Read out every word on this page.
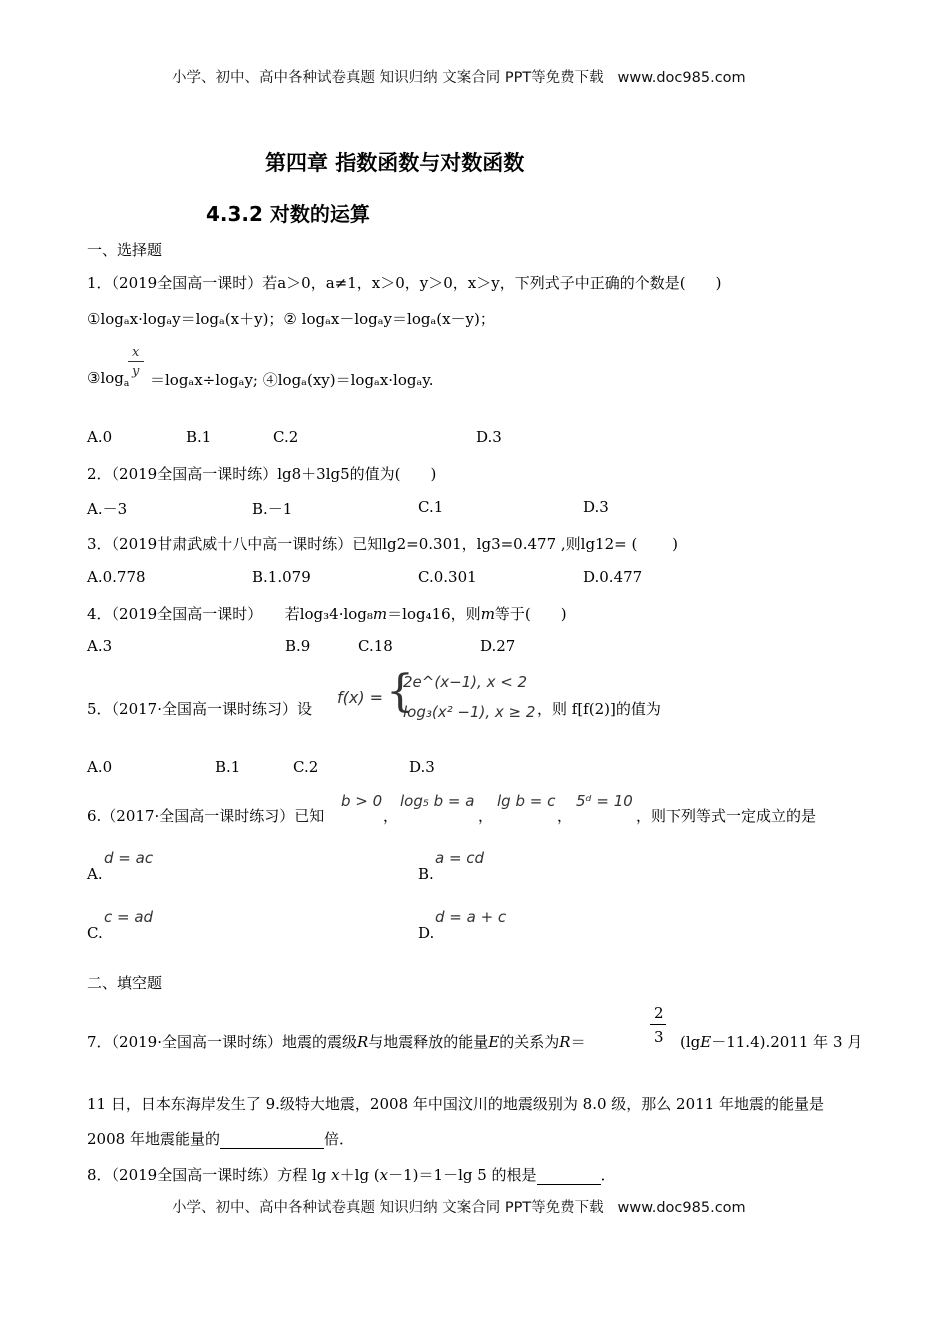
小学、初中、高中各种试卷真题 知识归纳 文案合同 PPT等免费下载 www.doc985.com
第四章 指数函数与对数函数
4.3.2 对数的运算
一、选择题
1．（2019全国高一课时）若a＞0，a≠1，x＞0，y＞0，x＞y，下列式子中正确的个数是(　　)
①logₐx·logₐy＝logₐ(x＋y)；② logₐx－logₐy＝logₐ(x－y)；
x
y
$③\log_a =\log_ax\div\log_ay$; ④logₐ(xy)＝logₐx·logₐy.
A.0	B.1	C.2	D.3
2．（2019全国高一课时练）lg8＋3lg5的值为(　　)
A.－3	B.－1	C.1	D.3
3．（2019甘肃武威十八中高一课时练）已知lg2=0.301，lg3=0.477 ,则lg12= (　　 )
A.0.778	B.1.079	C.0.301	D.0.477
4．（2019全国高一课时）　　若log₃4·log₈m＝log₄16，则m等于(　　)
A.3	B.9	C.18	D.27
5．（2017·全国高一课时练习）设
f(x) = {
2e^(x−1), x < 2
log₃(x² −1), x ≥ 2 ，则 f[f(2)]的值为
A.0	B.1	C.2	D.3
6.（2017·全国高一课时练习）已知
b > 0
，
log₅ b = a
，
lg b = c
，
5ᵈ = 10
，则下列等式一定成立的是
A.
d = ac
B.
a = cd
C.
c = ad
D.
d = a + c
二、填空题
7．（2019·全国高一课时练）地震的震级R与地震释放的能量E的关系为R＝
2
3 (lgE－11.4).2011 年 3 月
11 日，日本东海岸发生了 9.级特大地震，2008 年中国汶川的地震级别为 8.0 级，那么 2011 年地震的能量是
2008 年地震能量的	倍．
8．（2019全国高一课时练）方程 lg x＋lg (x－1)＝1－lg 5 的根是	．
小学、初中、高中各种试卷真题 知识归纳 文案合同 PPT等免费下载 www.doc985.com
